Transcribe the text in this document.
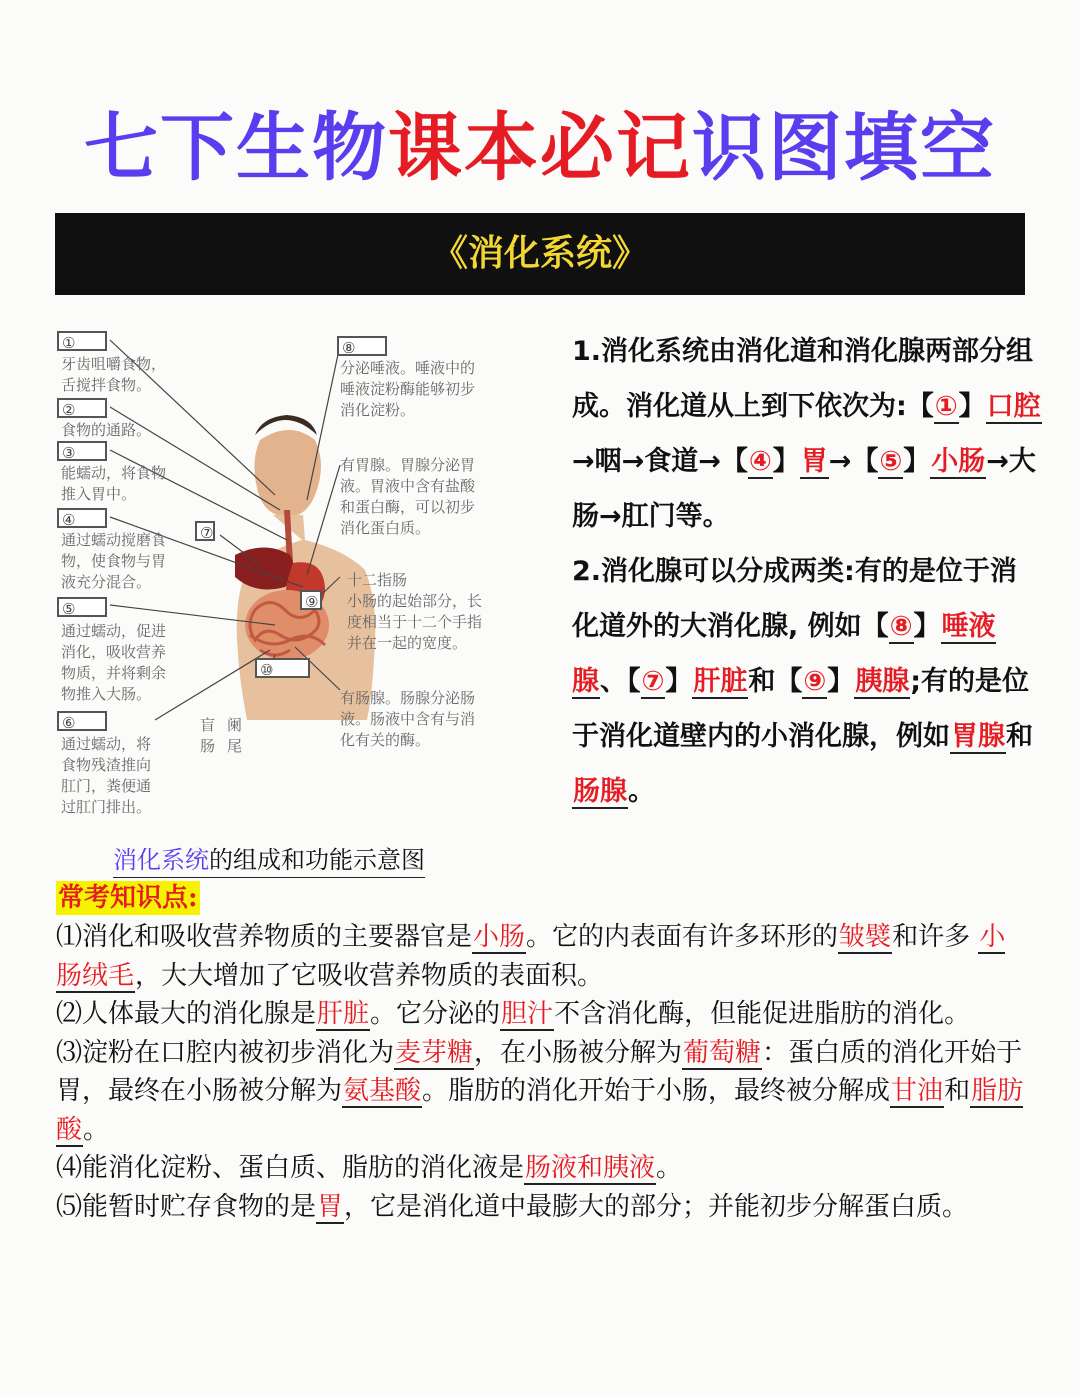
七下生物课本必记识图填空
《消化系统》
①
牙齿咀嚼食物，
舌搅拌食物。
②
食物的通路。
③
能蠕动，将食物
推入胃中。
④
通过蠕动搅磨食
物，使食物与胃
液充分混合。
⑤
通过蠕动，促进
消化，吸收营养
物质，并将剩余
物推入大肠。
⑥
通过蠕动，将
食物残渣推向
肛门，粪便通
过肛门排出。
⑧
分泌唾液。唾液中的
唾液淀粉酶能够初步
消化淀粉。
⑦
有胃腺。胃腺分泌胃
液。胃液中含有盐酸
和蛋白酶，可以初步
消化蛋白质。
⑨
十二指肠
小肠的起始部分，长
度相当于十二个手指
并在一起的宽度。
⑩
有肠腺。肠腺分泌肠
液。肠液中含有与消
化有关的酶。
盲
肠
阑
尾
消化系统的组成和功能示意图
1.消化系统由消化道和消化腺两部分组成。消化道从上到下依次为:【①】口腔→咽→食道→【④】胃→【⑤】小肠→大肠→肛门等。
2.消化腺可以分成两类:有的是位于消化道外的大消化腺, 例如【⑧】唾液腺、【⑦】肝脏和【⑨】胰腺;有的是位于消化道壁内的小消化腺，例如胃腺和肠腺。
常考知识点:

⑴消化和吸收营养物质的主要器官是小肠。它的内表面有许多环形的皱襞和许多 小肠绒毛，大大增加了它吸收营养物质的表面积。

⑵人体最大的消化腺是肝脏。它分泌的胆汁不含消化酶，但能促进脂肪的消化。

⑶淀粉在口腔内被初步消化为麦芽糖，在小肠被分解为葡萄糖：蛋白质的消化开始于胃，最终在小肠被分解为氨基酸。脂肪的消化开始于小肠，最终被分解成甘油和脂肪酸。

⑷能消化淀粉、蛋白质、脂肪的消化液是肠液和胰液。

⑸能暂时贮存食物的是胃，它是消化道中最膨大的部分；并能初步分解蛋白质。
